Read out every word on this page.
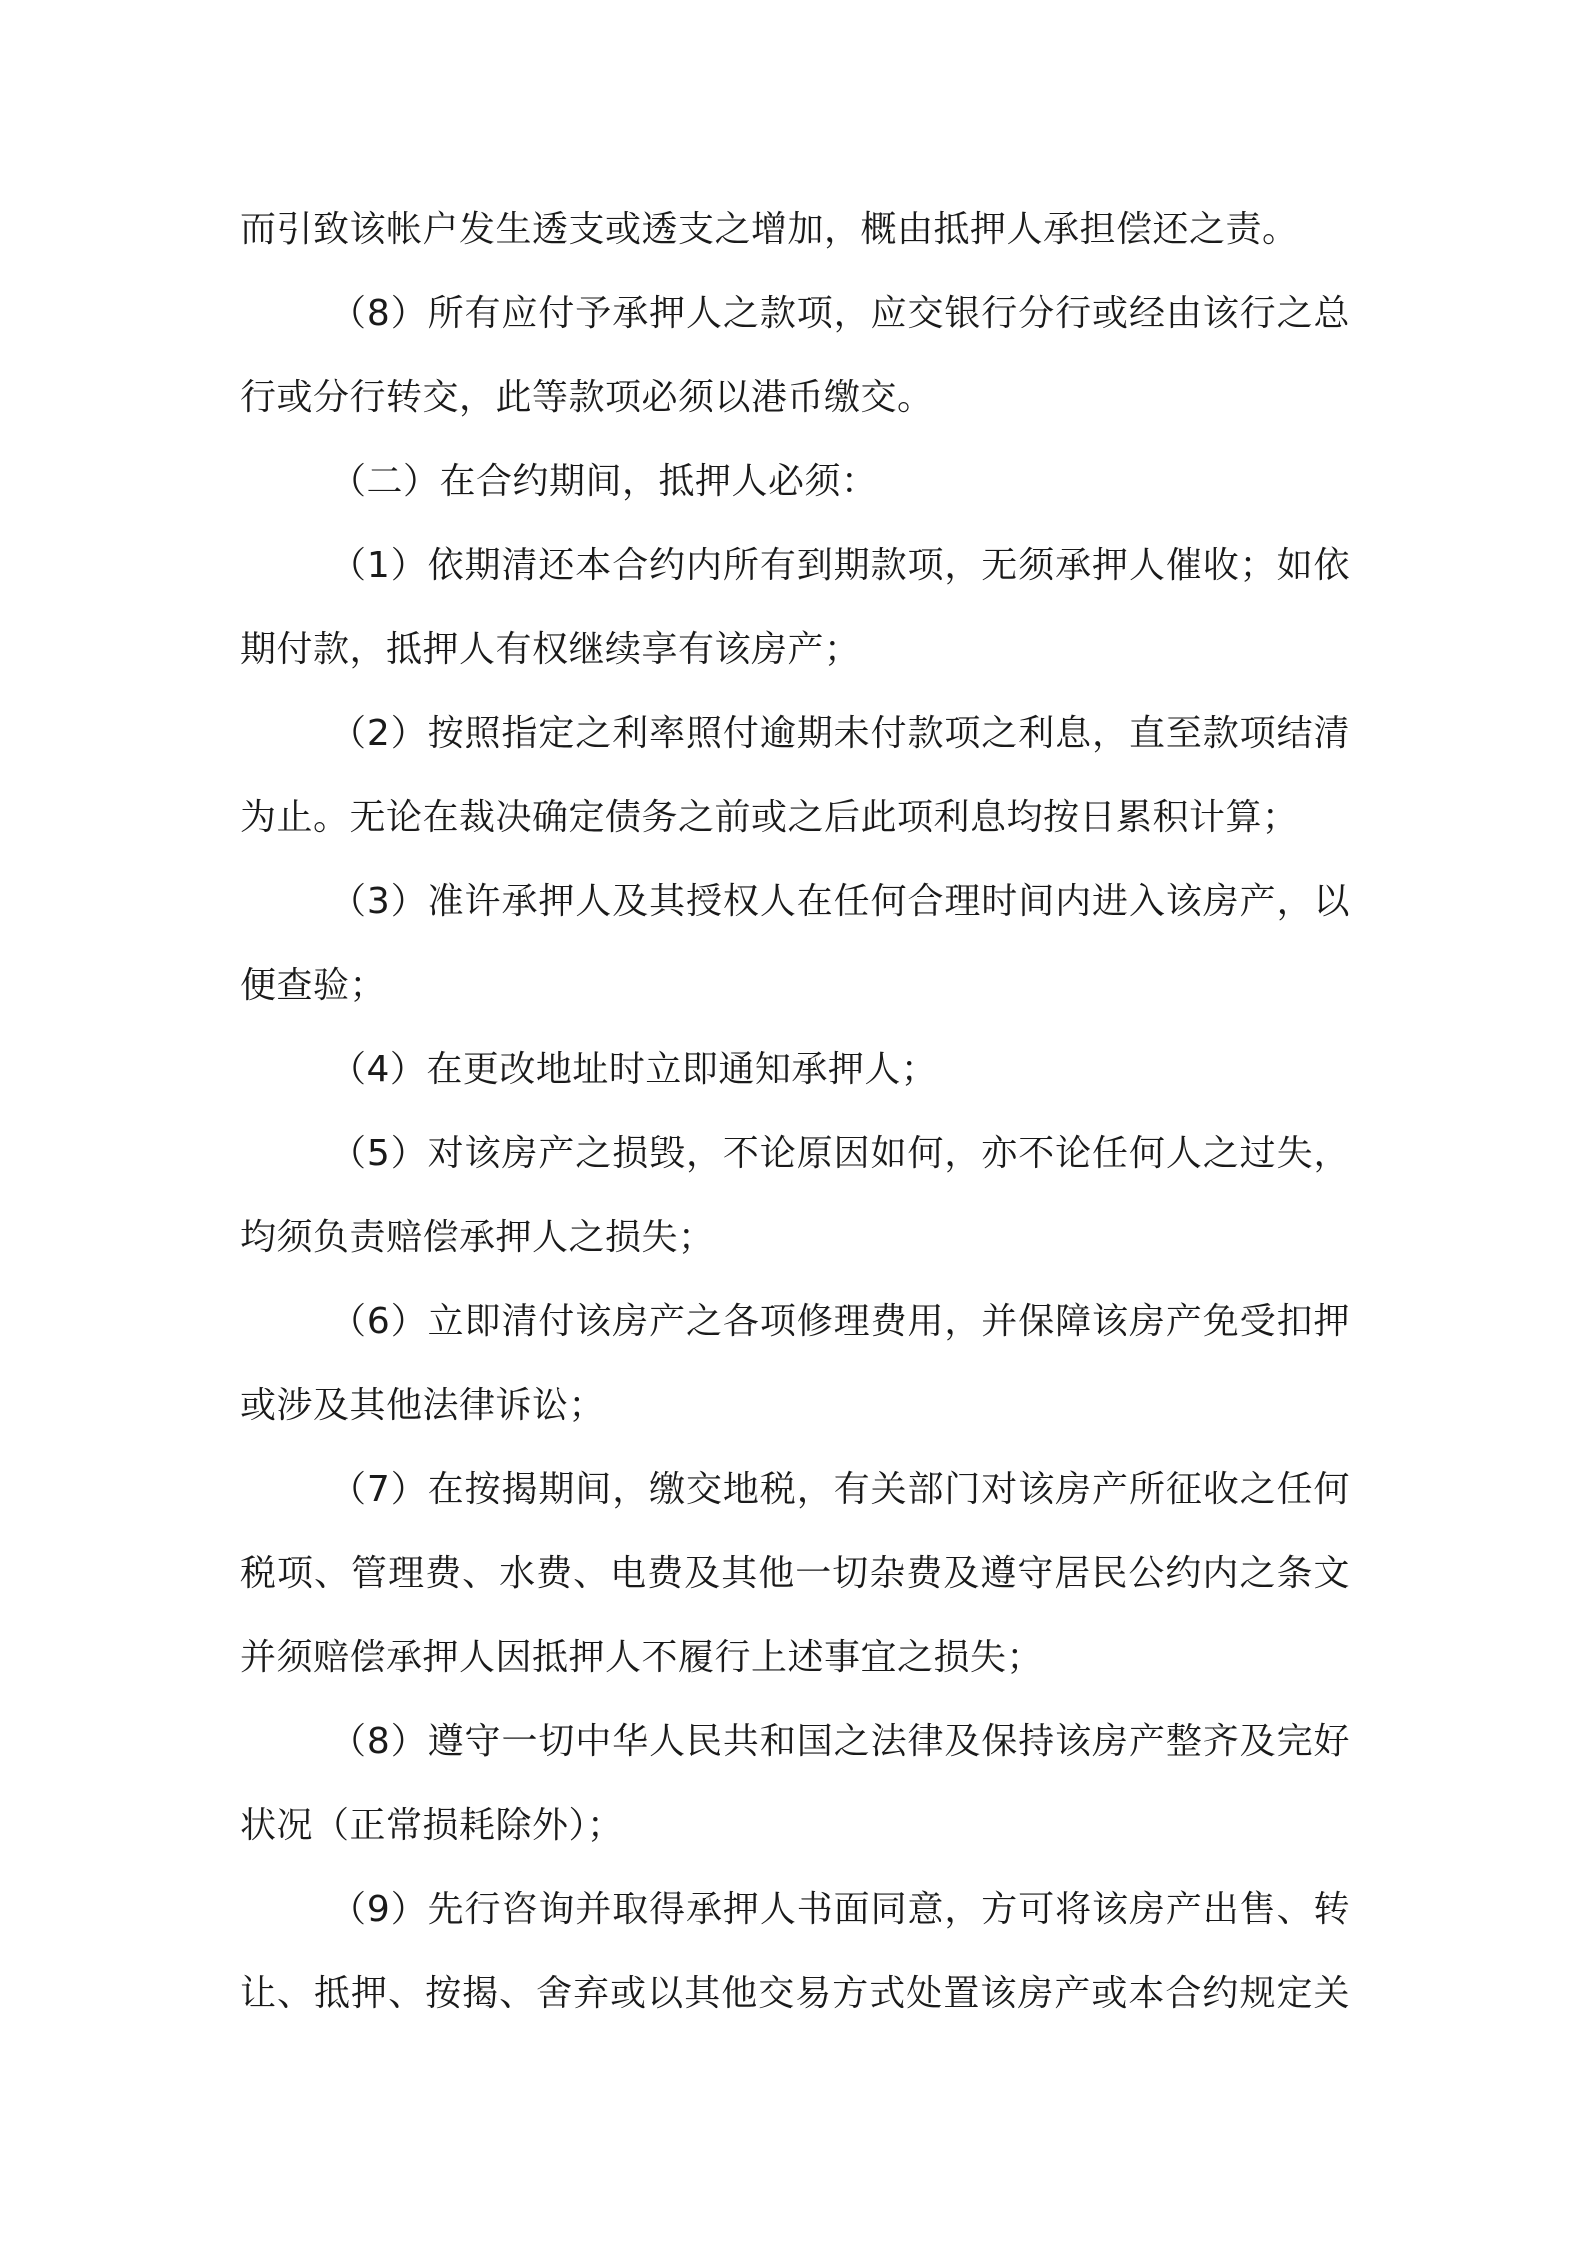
而引致该帐户发生透支或透支之增加，概由抵押人承担偿还之责。
（8）所有应付予承押人之款项，应交银行分行或经由该行之总
行或分行转交，此等款项必须以港币缴交。
（二）在合约期间，抵押人必须：
（1）依期清还本合约内所有到期款项，无须承押人催收；如依
期付款，抵押人有权继续享有该房产；
（2）按照指定之利率照付逾期未付款项之利息，直至款项结清
为止。无论在裁决确定债务之前或之后此项利息均按日累积计算；
（3）准许承押人及其授权人在任何合理时间内进入该房产，以
便查验；
（4）在更改地址时立即通知承押人；
（5）对该房产之损毁，不论原因如何，亦不论任何人之过失，
均须负责赔偿承押人之损失；
（6）立即清付该房产之各项修理费用，并保障该房产免受扣押
或涉及其他法律诉讼；
（7）在按揭期间，缴交地税，有关部门对该房产所征收之任何
税项、管理费、水费、电费及其他一切杂费及遵守居民公约内之条文
并须赔偿承押人因抵押人不履行上述事宜之损失；
（8）遵守一切中华人民共和国之法律及保持该房产整齐及完好
状况（正常损耗除外）；
（9）先行咨询并取得承押人书面同意，方可将该房产出售、转
让、抵押、按揭、舍弃或以其他交易方式处置该房产或本合约规定关
